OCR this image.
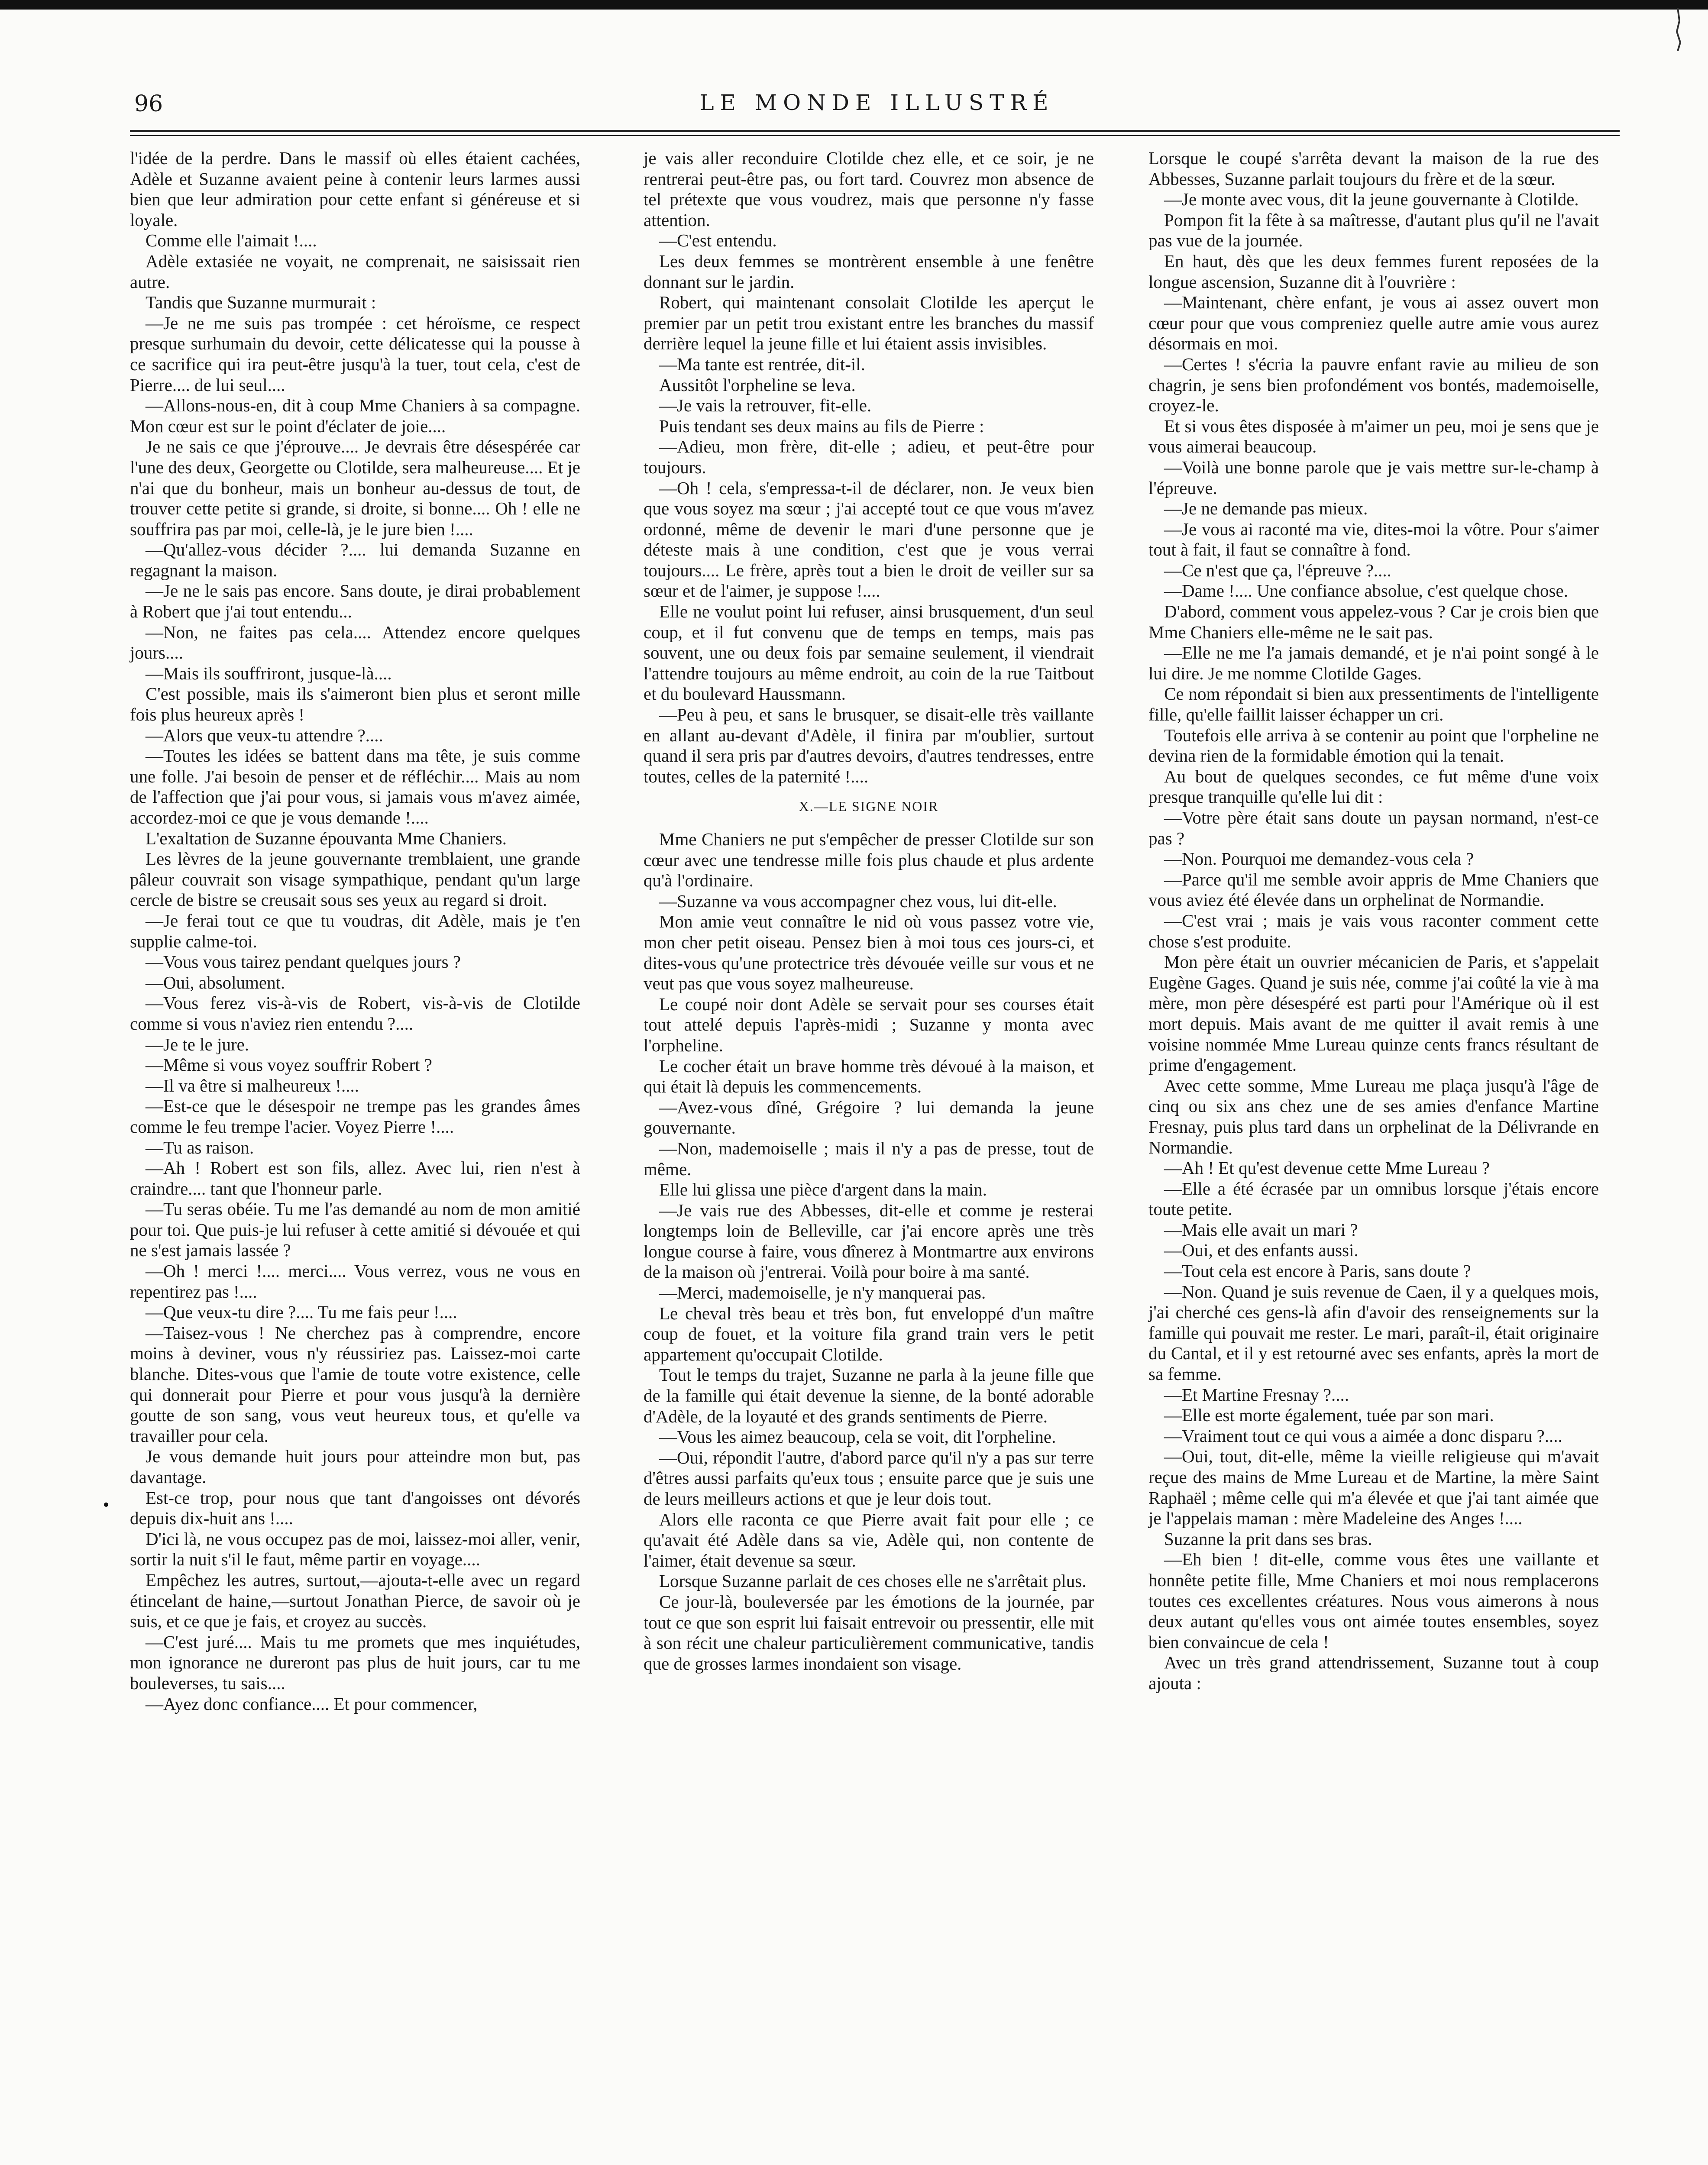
96	LE MONDE ILLUSTRÉ

l'idée de la perdre. Dans le massif où elles étaient cachées, Adèle et Suzanne avaient peine à contenir leurs larmes aussi bien que leur admiration pour cette enfant si généreuse et si loyale.

Comme elle l'aimait !....

Adèle extasiée ne voyait, ne comprenait, ne saisissait rien autre.

Tandis que Suzanne murmurait :

—Je ne me suis pas trompée : cet héroïsme, ce respect presque surhumain du devoir, cette délicatesse qui la pousse à ce sacrifice qui ira peut-être jusqu'à la tuer, tout cela, c'est de Pierre.... de lui seul....

—Allons-nous-en, dit à coup Mme Chaniers à sa compagne. Mon cœur est sur le point d'éclater de joie....

Je ne sais ce que j'éprouve.... Je devrais être désespérée car l'une des deux, Georgette ou Clotilde, sera malheureuse.... Et je n'ai que du bonheur, mais un bonheur au-dessus de tout, de trouver cette petite si grande, si droite, si bonne.... Oh ! elle ne souffrira pas par moi, celle-là, je le jure bien !....

—Qu'allez-vous décider ?.... lui demanda Suzanne en regagnant la maison.

—Je ne le sais pas encore. Sans doute, je dirai probablement à Robert que j'ai tout entendu...

—Non, ne faites pas cela.... Attendez encore quelques jours....

—Mais ils souffriront, jusque-là....

C'est possible, mais ils s'aimeront bien plus et seront mille fois plus heureux après !

—Alors que veux-tu attendre ?....

—Toutes les idées se battent dans ma tête, je suis comme une folle. J'ai besoin de penser et de réfléchir.... Mais au nom de l'affection que j'ai pour vous, si jamais vous m'avez aimée, accordez-moi ce que je vous demande !....

L'exaltation de Suzanne épouvanta Mme Chaniers.

Les lèvres de la jeune gouvernante tremblaient, une grande pâleur couvrait son visage sympathique, pendant qu'un large cercle de bistre se creusait sous ses yeux au regard si droit.

—Je ferai tout ce que tu voudras, dit Adèle, mais je t'en supplie calme-toi.

—Vous vous tairez pendant quelques jours ?

—Oui, absolument.

—Vous ferez vis-à-vis de Robert, vis-à-vis de Clotilde comme si vous n'aviez rien entendu ?....

—Je te le jure.

—Même si vous voyez souffrir Robert ?

—Il va être si malheureux !....

—Est-ce que le désespoir ne trempe pas les grandes âmes comme le feu trempe l'acier. Voyez Pierre !....

—Tu as raison.

—Ah ! Robert est son fils, allez. Avec lui, rien n'est à craindre.... tant que l'honneur parle.

—Tu seras obéie. Tu me l'as demandé au nom de mon amitié pour toi. Que puis-je lui refuser à cette amitié si dévouée et qui ne s'est jamais lassée ?

—Oh ! merci !.... merci.... Vous verrez, vous ne vous en repentirez pas !....

—Que veux-tu dire ?.... Tu me fais peur !....

—Taisez-vous ! Ne cherchez pas à comprendre, encore moins à deviner, vous n'y réussiriez pas. Laissez-moi carte blanche. Dites-vous que l'amie de toute votre existence, celle qui donnerait pour Pierre et pour vous jusqu'à la dernière goutte de son sang, vous veut heureux tous, et qu'elle va travailler pour cela.

Je vous demande huit jours pour atteindre mon but, pas davantage.

Est-ce trop, pour nous que tant d'angoisses ont dévorés depuis dix-huit ans !....

D'ici là, ne vous occupez pas de moi, laissez-moi aller, venir, sortir la nuit s'il le faut, même partir en voyage....

Empêchez les autres, surtout,—ajouta-t-elle avec un regard étincelant de haine,—surtout Jonathan Pierce, de savoir où je suis, et ce que je fais, et croyez au succès.

—C'est juré.... Mais tu me promets que mes inquiétudes, mon ignorance ne dureront pas plus de huit jours, car tu me bouleverses, tu sais....

—Ayez donc confiance.... Et pour commencer,

je vais aller reconduire Clotilde chez elle, et ce soir, je ne rentrerai peut-être pas, ou fort tard. Couvrez mon absence de tel prétexte que vous voudrez, mais que personne n'y fasse attention.

—C'est entendu.

Les deux femmes se montrèrent ensemble à une fenêtre donnant sur le jardin.

Robert, qui maintenant consolait Clotilde les aperçut le premier par un petit trou existant entre les branches du massif derrière lequel la jeune fille et lui étaient assis invisibles.

—Ma tante est rentrée, dit-il.

Aussitôt l'orpheline se leva.

—Je vais la retrouver, fit-elle.

Puis tendant ses deux mains au fils de Pierre :

—Adieu, mon frère, dit-elle ; adieu, et peut-être pour toujours.

—Oh ! cela, s'empressa-t-il de déclarer, non. Je veux bien que vous soyez ma sœur ; j'ai accepté tout ce que vous m'avez ordonné, même de devenir le mari d'une personne que je déteste mais à une condition, c'est que je vous verrai toujours.... Le frère, après tout a bien le droit de veiller sur sa sœur et de l'aimer, je suppose !....

Elle ne voulut point lui refuser, ainsi brusquement, d'un seul coup, et il fut convenu que de temps en temps, mais pas souvent, une ou deux fois par semaine seulement, il viendrait l'attendre toujours au même endroit, au coin de la rue Taitbout et du boulevard Haussmann.

—Peu à peu, et sans le brusquer, se disait-elle très vaillante en allant au-devant d'Adèle, il finira par m'oublier, surtout quand il sera pris par d'autres devoirs, d'autres tendresses, entre toutes, celles de la paternité !....

X.—LE SIGNE NOIR

Mme Chaniers ne put s'empêcher de presser Clotilde sur son cœur avec une tendresse mille fois plus chaude et plus ardente qu'à l'ordinaire.

—Suzanne va vous accompagner chez vous, lui dit-elle.

Mon amie veut connaître le nid où vous passez votre vie, mon cher petit oiseau. Pensez bien à moi tous ces jours-ci, et dites-vous qu'une protectrice très dévouée veille sur vous et ne veut pas que vous soyez malheureuse.

Le coupé noir dont Adèle se servait pour ses courses était tout attelé depuis l'après-midi ; Suzanne y monta avec l'orpheline.

Le cocher était un brave homme très dévoué à la maison, et qui était là depuis les commencements.

—Avez-vous dîné, Grégoire ? lui demanda la jeune gouvernante.

—Non, mademoiselle ; mais il n'y a pas de presse, tout de même.

Elle lui glissa une pièce d'argent dans la main.

—Je vais rue des Abbesses, dit-elle et comme je resterai longtemps loin de Belleville, car j'ai encore après une très longue course à faire, vous dînerez à Montmartre aux environs de la maison où j'entrerai. Voilà pour boire à ma santé.

—Merci, mademoiselle, je n'y manquerai pas.

Le cheval très beau et très bon, fut enveloppé d'un maître coup de fouet, et la voiture fila grand train vers le petit appartement qu'occupait Clotilde.

Tout le temps du trajet, Suzanne ne parla à la jeune fille que de la famille qui était devenue la sienne, de la bonté adorable d'Adèle, de la loyauté et des grands sentiments de Pierre.

—Vous les aimez beaucoup, cela se voit, dit l'orpheline.

—Oui, répondit l'autre, d'abord parce qu'il n'y a pas sur terre d'êtres aussi parfaits qu'eux tous ; ensuite parce que je suis une de leurs meilleurs actions et que je leur dois tout.

Alors elle raconta ce que Pierre avait fait pour elle ; ce qu'avait été Adèle dans sa vie, Adèle qui, non contente de l'aimer, était devenue sa sœur.

Lorsque Suzanne parlait de ces choses elle ne s'arrêtait plus.

Ce jour-là, bouleversée par les émotions de la journée, par tout ce que son esprit lui faisait entrevoir ou pressentir, elle mit à son récit une chaleur particulièrement communicative, tandis que de grosses larmes inondaient son visage.

Lorsque le coupé s'arrêta devant la maison de la rue des Abbesses, Suzanne parlait toujours du frère et de la sœur.

—Je monte avec vous, dit la jeune gouvernante à Clotilde.

Pompon fit la fête à sa maîtresse, d'autant plus qu'il ne l'avait pas vue de la journée.

En haut, dès que les deux femmes furent reposées de la longue ascension, Suzanne dit à l'ouvrière :

—Maintenant, chère enfant, je vous ai assez ouvert mon cœur pour que vous compreniez quelle autre amie vous aurez désormais en moi.

—Certes ! s'écria la pauvre enfant ravie au milieu de son chagrin, je sens bien profondément vos bontés, mademoiselle, croyez-le.

Et si vous êtes disposée à m'aimer un peu, moi je sens que je vous aimerai beaucoup.

—Voilà une bonne parole que je vais mettre sur-le-champ à l'épreuve.

—Je ne demande pas mieux.

—Je vous ai raconté ma vie, dites-moi la vôtre. Pour s'aimer tout à fait, il faut se connaître à fond.

—Ce n'est que ça, l'épreuve ?....

—Dame !.... Une confiance absolue, c'est quelque chose.

D'abord, comment vous appelez-vous ? Car je crois bien que Mme Chaniers elle-même ne le sait pas.

—Elle ne me l'a jamais demandé, et je n'ai point songé à le lui dire. Je me nomme Clotilde Gages.

Ce nom répondait si bien aux pressentiments de l'intelligente fille, qu'elle faillit laisser échapper un cri.

Toutefois elle arriva à se contenir au point que l'orpheline ne devina rien de la formidable émotion qui la tenait.

Au bout de quelques secondes, ce fut même d'une voix presque tranquille qu'elle lui dit :

—Votre père était sans doute un paysan normand, n'est-ce pas ?

—Non. Pourquoi me demandez-vous cela ?

—Parce qu'il me semble avoir appris de Mme Chaniers que vous aviez été élevée dans un orphelinat de Normandie.

—C'est vrai ; mais je vais vous raconter comment cette chose s'est produite.

Mon père était un ouvrier mécanicien de Paris, et s'appelait Eugène Gages. Quand je suis née, comme j'ai coûté la vie à ma mère, mon père désespéré est parti pour l'Amérique où il est mort depuis. Mais avant de me quitter il avait remis à une voisine nommée Mme Lureau quinze cents francs résultant de prime d'engagement.

Avec cette somme, Mme Lureau me plaça jusqu'à l'âge de cinq ou six ans chez une de ses amies d'enfance Martine Fresnay, puis plus tard dans un orphelinat de la Délivrande en Normandie.

—Ah ! Et qu'est devenue cette Mme Lureau ?

—Elle a été écrasée par un omnibus lorsque j'étais encore toute petite.

—Mais elle avait un mari ?

—Oui, et des enfants aussi.

—Tout cela est encore à Paris, sans doute ?

—Non. Quand je suis revenue de Caen, il y a quelques mois, j'ai cherché ces gens-là afin d'avoir des renseignements sur la famille qui pouvait me rester. Le mari, paraît-il, était originaire du Cantal, et il y est retourné avec ses enfants, après la mort de sa femme.

—Et Martine Fresnay ?....

—Elle est morte également, tuée par son mari.

—Vraiment tout ce qui vous a aimée a donc disparu ?....

—Oui, tout, dit-elle, même la vieille religieuse qui m'avait reçue des mains de Mme Lureau et de Martine, la mère Saint Raphaël ; même celle qui m'a élevée et que j'ai tant aimée que je l'appelais maman : mère Madeleine des Anges !....

Suzanne la prit dans ses bras.

—Eh bien ! dit-elle, comme vous êtes une vaillante et honnête petite fille, Mme Chaniers et moi nous remplacerons toutes ces excellentes créatures. Nous vous aimerons à nous deux autant qu'elles vous ont aimée toutes ensembles, soyez bien convaincue de cela !

Avec un très grand attendrissement, Suzanne tout à coup ajouta :
